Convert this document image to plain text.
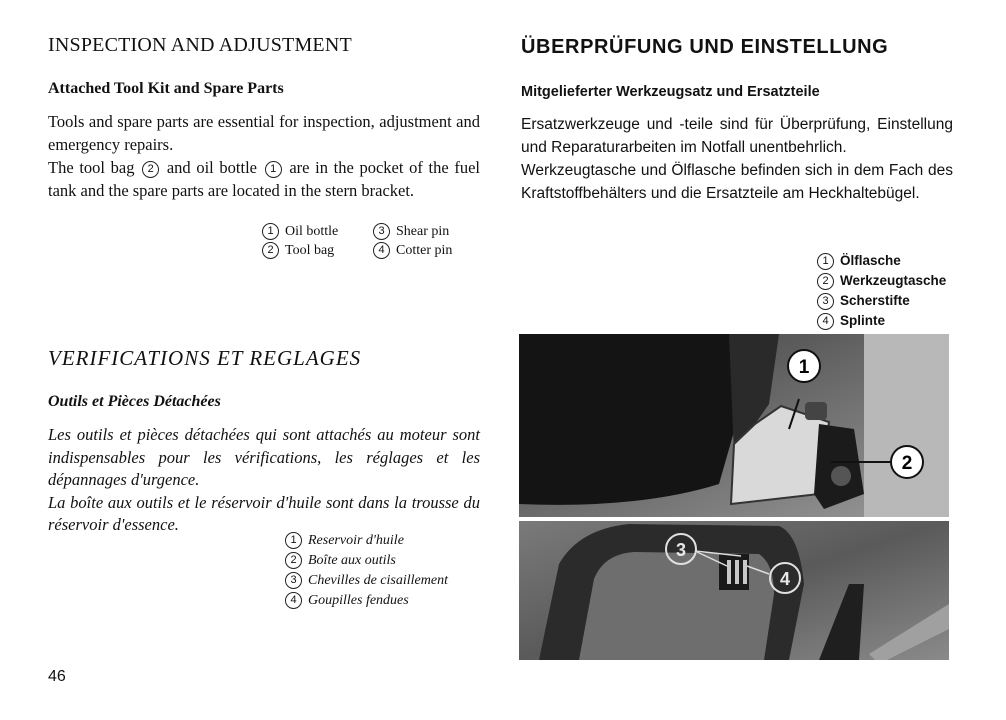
INSPECTION AND ADJUSTMENT
Attached Tool Kit and Spare Parts

Tools and spare parts are essential for inspection, adjustment and emergency repairs.

The tool bag 2 and oil bottle 1 are in the pocket of the fuel tank and the spare parts are located in the stern bracket.

1 Oil bottle	3 Shear pin
2 Tool bag	4 Cotter pin
VERIFICATIONS ET REGLAGES
Outils et Pièces Détachées

Les outils et pièces détachées qui sont attachés au moteur sont indispensables pour les vérifications, les réglages et les dépannages d'urgence.

La boîte aux outils et le réservoir d'huile sont dans la trousse du réservoir d'essence.

1 Reservoir d'huile
2 Boîte aux outils
3 Chevilles de cisaillement
4 Goupilles fendues
ÜBERPRÜFUNG UND EINSTELLUNG
Mitgelieferter Werkzeugsatz und Ersatzteile

Ersatzwerkzeuge und -teile sind für Überprüfung, Einstellung und Reparaturarbeiten im Notfall unentbehrlich.

Werkzeugtasche und Ölflasche befinden sich in dem Fach des Kraftstoffbehälters und die Ersatzteile am Heckhaltebügel.

1 Ölflasche
2 Werkzeugtasche
3 Scherstifte
4 Splinte
1
2
3
4
46
